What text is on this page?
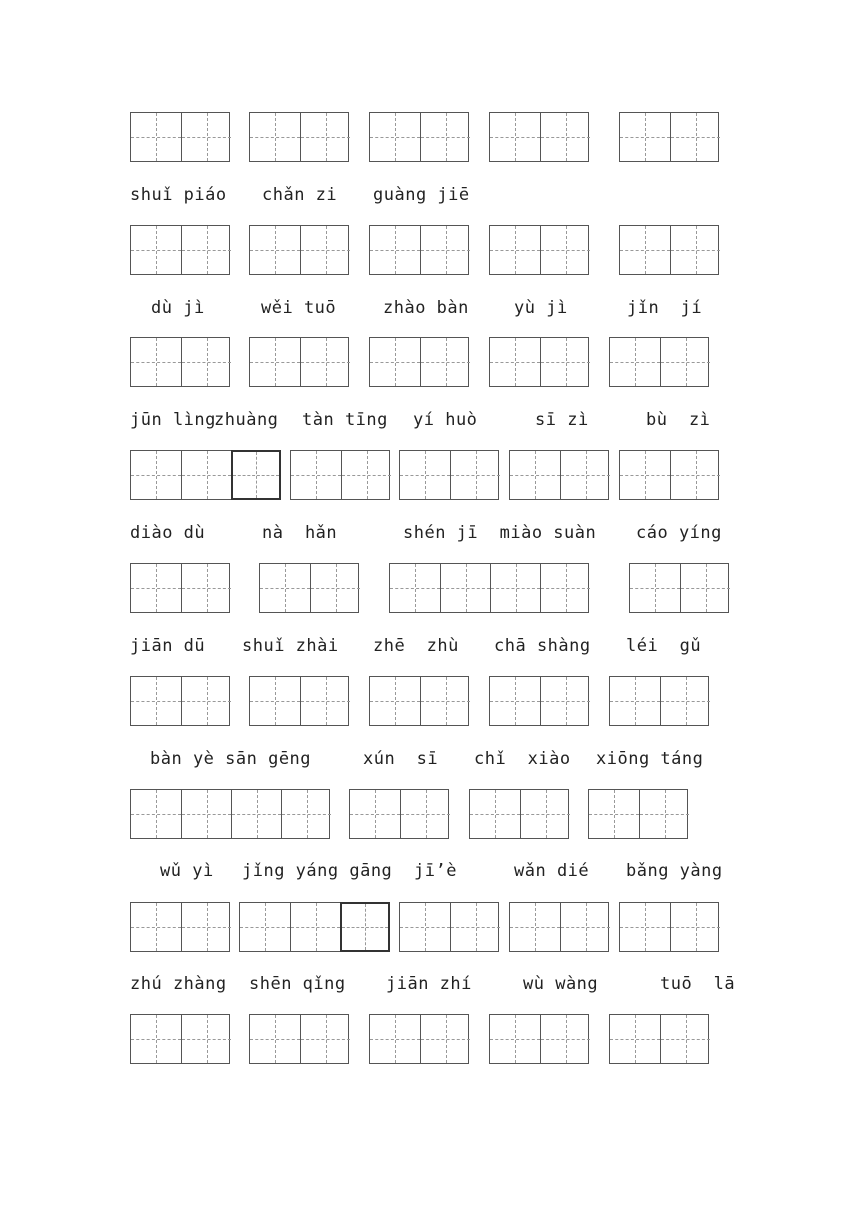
shuǐ piáo chǎn zi guàng jiē
dù jì	wěi tuō	zhào bàn	yù jì	jǐn  jí
jūn lìng
zhuàng tàn tīng yí huò	sī zì	bù  zì
diào dù	nà  hǎn	shén jī  miào suàn cáo yíng
jiān dū shuǐ zhài zhē  zhù chā shàng léi  gǔ
bàn yè sān gēng	xún  sī chǐ  xiào xiōng táng
wǔ yì jǐng yáng gāng jī’è	wǎn dié bǎng yàng
zhú zhàng shēn qǐng jiān zhí	wù wàng	tuō  lā
